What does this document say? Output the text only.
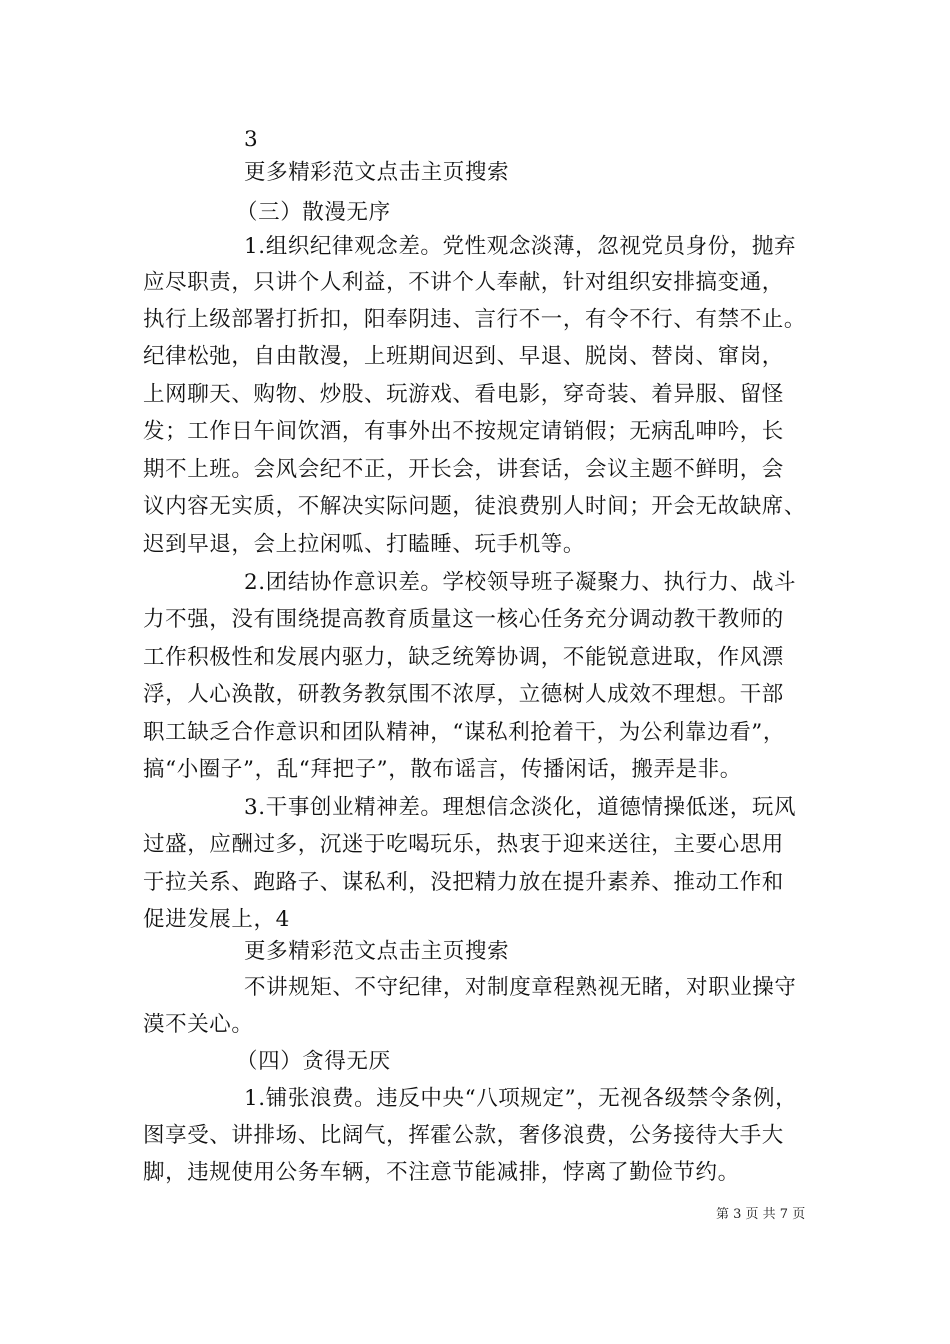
3
更多精彩范文点击主页搜索
（三）散漫无序
1.组织纪律观念差。党性观念淡薄，忽视党员身份，抛弃
应尽职责，只讲个人利益，不讲个人奉献，针对组织安排搞变通，
执行上级部署打折扣，阳奉阴违、言行不一，有令不行、有禁不止。
纪律松弛，自由散漫，上班期间迟到、早退、脱岗、替岗、窜岗，
上网聊天、购物、炒股、玩游戏、看电影，穿奇装、着异服、留怪
发；工作日午间饮酒，有事外出不按规定请销假；无病乱呻吟，长
期不上班。会风会纪不正，开长会，讲套话，会议主题不鲜明，会
议内容无实质，不解决实际问题，徒浪费别人时间；开会无故缺席、
迟到早退，会上拉闲呱、打瞌睡、玩手机等。
2.团结协作意识差。学校领导班子凝聚力、执行力、战斗
力不强，没有围绕提高教育质量这一核心任务充分调动教干教师的
工作积极性和发展内驱力，缺乏统筹协调，不能锐意进取，作风漂
浮，人心涣散，研教务教氛围不浓厚，立德树人成效不理想。干部
职工缺乏合作意识和团队精神，“谋私利抢着干，为公利靠边看”，
搞“小圈子”，乱“拜把子”，散布谣言，传播闲话，搬弄是非。
3.干事创业精神差。理想信念淡化，道德情操低迷，玩风
过盛，应酬过多，沉迷于吃喝玩乐，热衷于迎来送往，主要心思用
于拉关系、跑路子、谋私利，没把精力放在提升素养、推动工作和
促进发展上，4
更多精彩范文点击主页搜索
不讲规矩、不守纪律，对制度章程熟视无睹，对职业操守
漠不关心。
（四）贪得无厌
1.铺张浪费。违反中央“八项规定”，无视各级禁令条例，
图享受、讲排场、比阔气，挥霍公款，奢侈浪费，公务接待大手大
脚，违规使用公务车辆，不注意节能减排，悖离了勤俭节约。
第 3 页 共 7 页
